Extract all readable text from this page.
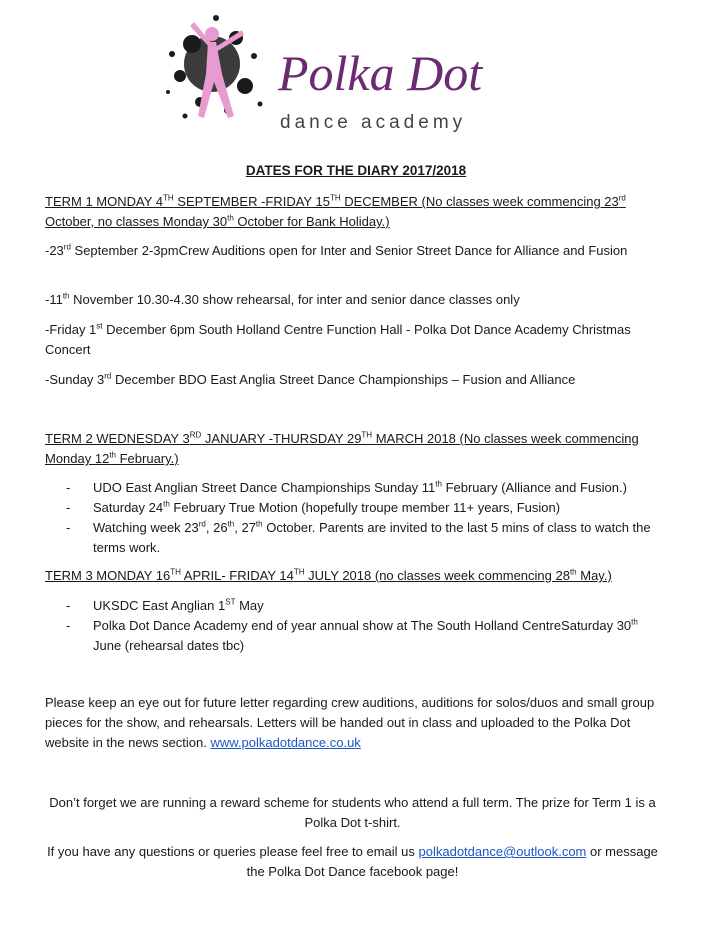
Polka Dot
dance academy
DATES FOR THE DIARY 2017/2018

TERM 1 MONDAY 4TH SEPTEMBER -FRIDAY 15TH DECEMBER (No classes week commencing 23rd October, no classes Monday 30th October for Bank Holiday.)

-23rd September 2-3pmCrew Auditions open for Inter and Senior Street Dance for Alliance and Fusion

-11th November 10.30-4.30 show rehearsal, for inter and senior dance classes only

-Friday 1st December 6pm South Holland Centre Function Hall - Polka Dot Dance Academy Christmas Concert

-Sunday 3rd December BDO East Anglia Street Dance Championships – Fusion and Alliance

TERM 2 WEDNESDAY 3RD JANUARY -THURSDAY 29TH MARCH 2018 (No classes week commencing Monday 12th February.)

- UDO East Anglian Street Dance Championships Sunday 11th February (Alliance and Fusion.)
- Saturday 24th February True Motion (hopefully troupe member 11+ years, Fusion)
- Watching week 23rd, 26th, 27th October. Parents are invited to the last 5 mins of class to watch the terms work.

TERM 3 MONDAY 16TH APRIL- FRIDAY 14TH JULY 2018 (no classes week commencing 28th May.)

- UKSDC East Anglian 1ST May
- Polka Dot Dance Academy end of year annual show at The South Holland CentreSaturday 30th June (rehearsal dates tbc)

Please keep an eye out for future letter regarding crew auditions, auditions for solos/duos and small group pieces for the show, and rehearsals. Letters will be handed out in class and uploaded to the Polka Dot website in the news section. www.polkadotdance.co.uk

Don’t forget we are running a reward scheme for students who attend a full term. The prize for Term 1 is a Polka Dot t-shirt.

If you have any questions or queries please feel free to email us polkadotdance@outlook.com or message the Polka Dot Dance facebook page!
